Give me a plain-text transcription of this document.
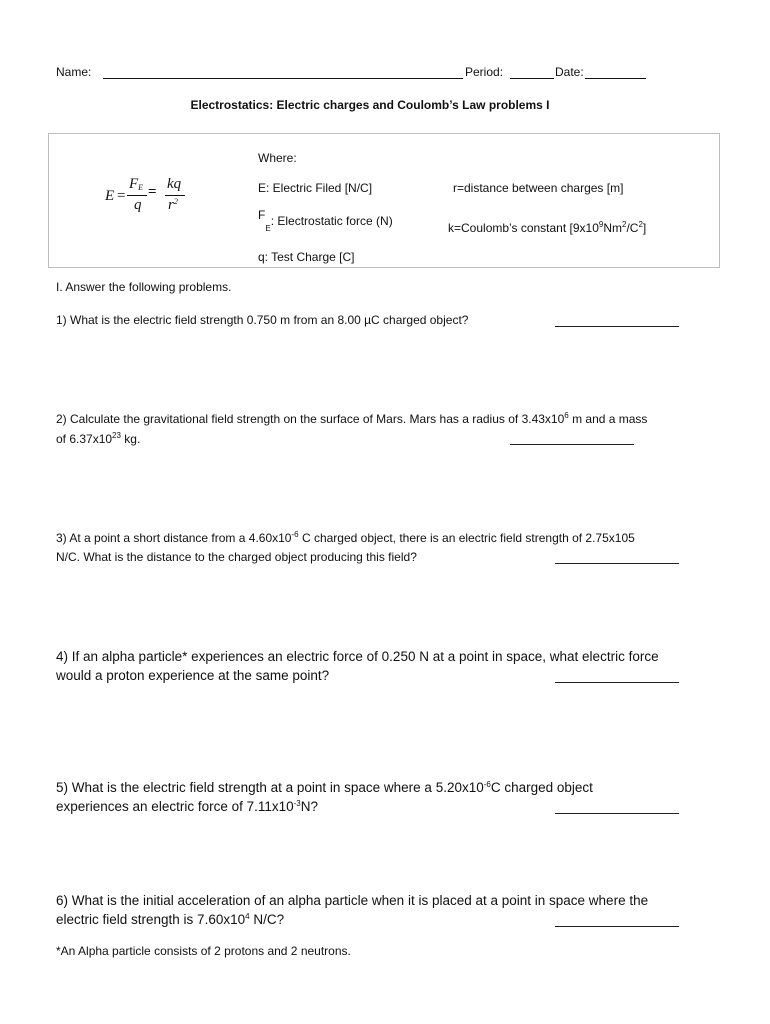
Name:	Period:	Date:
Electrostatics: Electric charges and Coulomb’s Law problems I
E =
$F_E$
q
= kq
$r^2$
Where:
E: Electric Filed [N/C]	r=distance between charges [m]
$F_E$: Electrostatic force (N)	k=Coulomb’s constant $[9x10^9Nm^2/C^2]$
q: Test Charge [C]
I. Answer the following problems.
1) What is the electric field strength 0.750 m from an 8.00 µC charged object?
2) Calculate the gravitational field strength on the surface of Mars. Mars has a radius of $3.43x10^6$ m and a mass
of $6.37x10^{23}$ kg.
3) At a point a short distance from a $4.60x10^{-6}$ C charged object, there is an electric field strength of 2.75x105
N/C. What is the distance to the charged object producing this field?
4) If an alpha particle* experiences an electric force of 0.250 N at a point in space, what electric force
would a proton experience at the same point?
5) What is the electric field strength at a point in space where a $5.20x10^{-6}C$ charged object
experiences an electric force of $7.11x10^{-3}N$?
6) What is the initial acceleration of an alpha particle when it is placed at a point in space where the
electric field strength is $7.60x10^4$ N/C?
*An Alpha particle consists of 2 protons and 2 neutrons.
